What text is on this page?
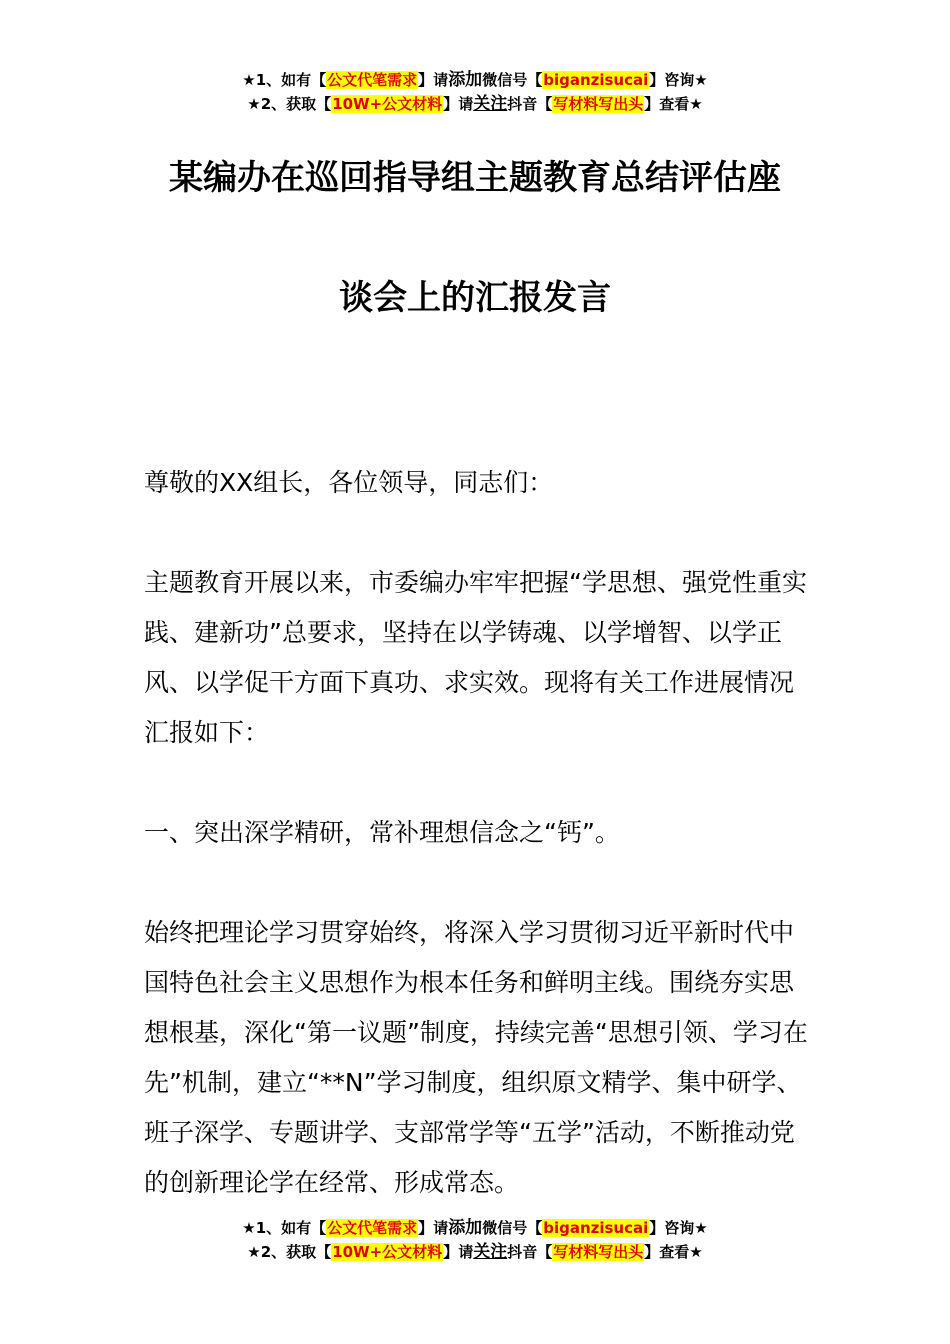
★1、如有【公文代笔需求】请添加微信号【biganzisucai】咨询★
★2、获取【10W+公文材料】请关注抖音【写材料写出头】查看★
某编办在巡回指导组主题教育总结评估座
谈会上的汇报发言

尊敬的XX组长，各位领导，同志们：

主题教育开展以来，市委编办牢牢把握“学思想、强党性重实践、建新功”总要求，坚持在以学铸魂、以学增智、以学正风、以学促干方面下真功、求实效。现将有关工作进展情况汇报如下：

一、突出深学精研，常补理想信念之“钙”。

始终把理论学习贯穿始终，将深入学习贯彻习近平新时代中国特色社会主义思想作为根本任务和鲜明主线。围绕夯实思想根基，深化“第一议题”制度，持续完善“思想引领、学习在先”机制，建立“**N”学习制度，组织原文精学、集中研学、班子深学、专题讲学、支部常学等“五学”活动，不断推动党的创新理论学在经常、形成常态。

★1、如有【公文代笔需求】请添加微信号【biganzisucai】咨询★
★2、获取【10W+公文材料】请关注抖音【写材料写出头】查看★
